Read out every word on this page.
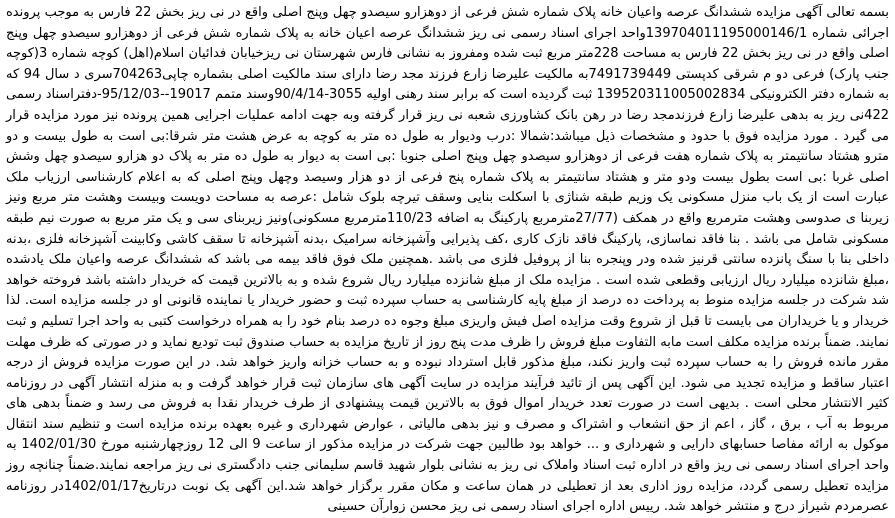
بسمه تعالی آگهی مزایده ششدانگ عرصه واعیان خانه پلاک شماره شش فرعی از دوهزارو سیصدو چهل وپنج اصلی واقع در نی ریز بخش 22 فارس به موجب پرونده اجرائی شماره 139704011195000146/1واحد اجرای اسناد رسمی نی ریز ششدانگ عرصه اعیان خانه به پلاک شماره شش فرعی از دوهزارو سیصدو چهل وپنج اصلی واقع در نی ریز بخش 22 فارس به مساحت 228متر مربع ثبت شده ومفروز به نشانی فارس شهرستان نی ریزخیابان فدائیان اسلام(اهل) کوچه شماره 3(کوچه جنب پارک) فرعی دو م شرقی کدپستی 7491739449به مالکیت علیرضا زارع فرزند مجد رضا دارای سند مالکیت اصلی بشماره چاپی704263سری د سال 94 که به شماره دفتر الکترونیکی 139520311005002834 ثبت گردیده است که برابر سند رهنی اولیه 3055-90/4/14وسند متمم 19017--95/12/03-دفتراسناد رسمی 422نی ریز به بدهی علیرضا زارع فرزندمجد رضا در رهن بانک کشاورزی شعبه نی ریز قرار گرفته وبه جهت ادامه عملیات اجرایی همین پرونده نیز مورد مزایده قرار می گیرد . مورد مزایده فوق با حدود و مشخصات ذیل میباشد:شمالا :درب ودیوار به طول ده متر به کوچه به عرض هشت متر شرقا:بی است به طول بیست و دو مترو هشتاد سانتیمتر به پلاک شماره هفت فرعی از دوهزارو سیصدو چهل وپنج اصلی جنوبا :بی است به دیوار به طول ده متر به پلاک دو هزارو سیصدو چهل وشش اصلی غربا :بی است بطول بیست ودو متر و هشتاد سانتیمتر به پلاک شماره پنج فرعی از دو هزار وسیصد وچهل وپنج اصلی که به اعلام کارشناسی ارزیاب ملک عبارت است از یک باب منزل مسکونی یک وزیم طبقه شناژی با اسکلت بنایی وسقف تیرچه بلوک شامل :عرصه به مساحت دویست وبیست وهشت متر مربع ونیز زیربنا ی صدوسی وهشت مترمربع واقع در همکف (27/77مترمربع پارکینگ به اضافه 110/23مترمربع مسکونی)ونیز زیربنای سی و یک متر مربع به صورت نیم طبقه مسکونی شامل می باشد . بنا فاقد نماسازی، پارکینگ فاقد نازک کاری ،کف پذیرایی وآشپزخانه سرامیک ،بدنه آشپزخانه تا سقف کاشی وکابینت آشپزخانه فلزی ،بدنه داخلی بنا با سنگ پانزده سانتی قرنیز شده ودر وپنجره بنا از پروفیل فلزی می باشد .همچنین ملک فوق فاقد بیمه می باشد که ششدانگ عرصه واعیان ملک یادشده ،مبلغ شانزده میلیارد ریال ارزیابی وقطعی شده است . مزایده ملک از مبلغ شانزده میلیارد ریال شروع شده و به بالاترین قیمت که خریدار داشته باشد فروخته خواهد شد شرکت در جلسه مزایده منوط به پرداخت ده درصد از مبلغ پایه کارشناسی به حساب سپرده ثبت و حضور خریدار یا نماینده قانونی او در جلسه مزایده است. لذا خریدار و یا خریداران می بایست تا قبل از شروع وقت مزایده اصل فیش واریزی مبلغ وجوه ده درصد بنام خود را به همراه درخواست کتبی به واحد اجرا تسلیم و ثبت نمایند. ضمناً برنده مزایده مکلف است مابه التفاوت مبلغ فروش را ظرف مدت پنج روز از تاریخ مزایده به حساب صندوق ثبت تودیع نماید و در صورتی که ظرف مهلت مقرر مانده فروش را به حساب سپرده ثبت واریز نکند، مبلغ مذکور قابل استرداد نبوده و به حساب خزانه واریز خواهد شد. در این صورت مزایده فروش از درجه اعتبار ساقط و مزایده تجدید می شود. این آگهی پس از تائید فرآیند مزایده در سایت آگهی های سازمان ثبت قرار خواهد گرفت و به منزله انتشار آگهی در روزنامه کثیر الانتشار محلی است . بدیهی است در صورت تعدد خریدار اموال فوق به بالاترین قیمت پیشنهادی از طرف خریدار نقدا به فروش می رسد و ضمناً بدهی های مربوط به آب ، برق ، گاز ، اعم از حق انشعاب و اشتراک و مصرف و نیز بدهی مالیاتی ، عوارض شهرداری و غیره بعهده برنده مزایده است و تنظیم سند انتقال موکول به ارائه مفاصا حسابهای دارایی و شهرداری و ... خواهد بود طالبین جهت شرکت در مزایده مذکور از ساعت 9 الی 12 روزچهارشنبه مورخ 1402/01/30 به واحد اجرای اسناد رسمی نی ریز واقع در اداره ثبت اسناد واملاک نی ریز به نشانی بلوار شهید قاسم سلیمانی جنب دادگستری نی ریز مراجعه نمایند.ضمناً چنانچه روز مزایده تعطیل رسمی گردد، مزایده روز اداری بعد از تعطیلی در همان ساعت و مکان مقرر برگزار خواهد شد.این آگهی یک نوبت درتاریخ1402/01/17در روزنامه عصرمردم شیراز درج و منتشر خواهد شد. رییس اداره اجرای اسناد رسمی نی ریز محسن زوارآن حسینی
